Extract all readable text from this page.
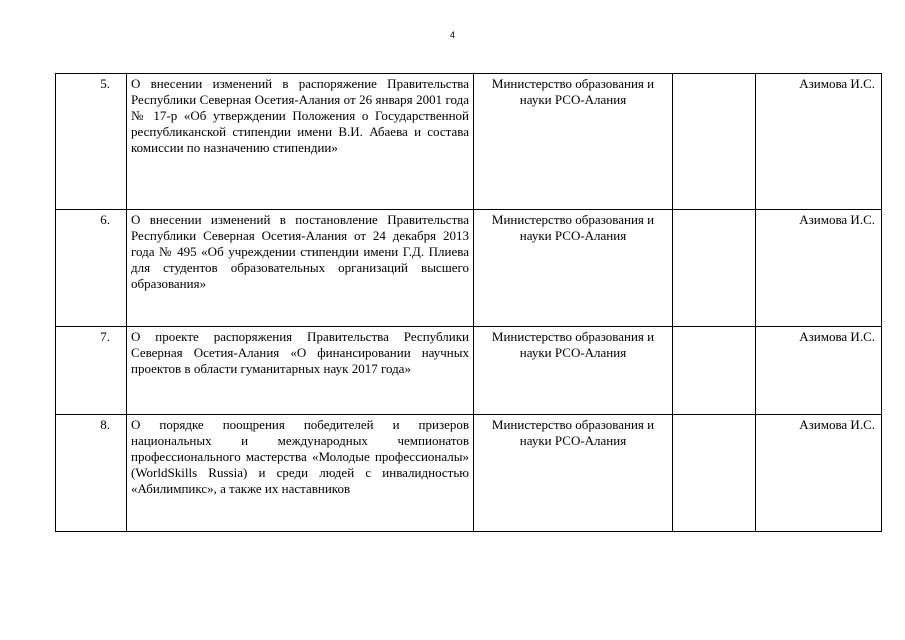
4
5.	О внесении изменений в распоряжение Правительства Республики Северная Осетия-Алания от 26 января 2001 года № 17-р «Об утверждении Положения о Государственной республиканской стипендии имени В.И. Абаева и состава комиссии по назначению стипендии»	Министерство образования и науки РСО-Алания		Азимова И.С.
6.	О внесении изменений в постановление Правительства Республики Северная Осетия-Алания от 24 декабря 2013 года № 495 «Об учреждении стипендии имени Г.Д. Плиева для студентов образовательных организаций высшего образования»	Министерство образования и науки РСО-Алания		Азимова И.С.
7.	О проекте распоряжения Правительства Республики Северная Осетия-Алания «О финансировании научных проектов в области гуманитарных наук 2017 года»	Министерство образования и науки РСО-Алания		Азимова И.С.
8.	О порядке поощрения победителей и призеров национальных и международных чемпионатов профессионального мастерства «Молодые профессионалы» (WorldSkills Russia) и среди людей с инвалидностью «Абилимпикс», а также их наставников	Министерство образования и науки РСО-Алания		Азимова И.С.
